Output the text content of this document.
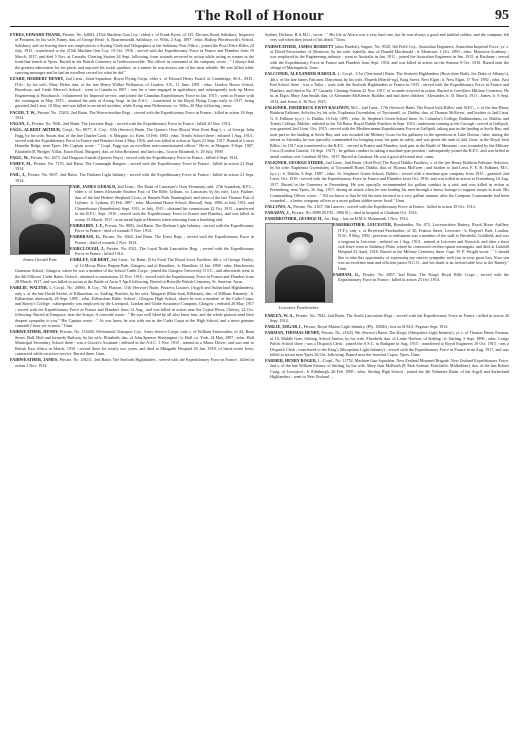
The Roll of Honour	95

EYRES, EDWARD FRANK, Private, No. 64003, 215th Machine Gun Coy.; eldest s. of Frank Eyres, of 125, Devizes Road, Salisbury, Inspector of Postmen, by his wife, Fanny, dau. of George Read ; b. Bournemouth, Salisbury, co. Wilts, 2 Aug. 1897 ; educ. Bishop Wordsworth's School, Salisbury, and on leaving there was employed as a Sorting Clerk and Telegraphist at the Salisbury Post Office ; joined the Post Office Rifles 24 July, 1915 ; transferred to the 215th Machine Gun Coy. 19 Oct. 1916 ; served with the Expeditionary Force in France and Flanders from 19 March, 1917, and died 5 Nov. at Casualty Clearing Station 24 Sept. following, from wounds received in action while acting as runner in the front-line trench at Ypres. Buried in the British Cemetery at Godewaersvelde. The officer in command of the company wrote : " I always had the greatest admiration for his pluck, and enjoyed his social qualities, as a runner he was always one of the most reliable. He was killed while carrying messages and he had an excellent record for what he did."

EZARD, HERBERT HENRY, 2nd Lieut., 42nd Squadron, Royal Flying Corps, elder s. of Edward Henry Ezard, of Cambridge, M.A., M.D., D.Sc., by his wife, Mary Helen, dau. of the late Henry Walker Wilkinson, of London, S.E., 11 June, 1891 ; educ. Lindow House School, Broadway, and Cadet Mercer's School ; went to Canada in 1907 ; was for a time engaged in agriculture, and subsequently took up Motor Engineering at Woodstock ; volunteered for Imperial service, and joined the Canadian Expeditionary Force in Jan. 1915 ; went to France with the contingent in May, 1915 ; attained the rank of Acting Sergt. in the A.S.C. ; transferred to the Royal Flying Corps early in 1917, being gazetted 2nd Lieut. 10 May, and was killed in an aerial accident, while flying near Netheravon, co. Wilts, 30 May following ; unm.

FACER, T. W., Private, No. 15203, 2nd Battn. The Worcestershire Regt. ; served with the Expeditionary Force in France ; killed in action 18 Sept. 1914.

FAGAN, J., Private, No. 9041, 2nd Battn. The Leicester Regt. ; served with the Expeditionary Force in France ; killed 20 Nov. 1914.

FAGG, ALBERT ARTHUR, Corpl., No. 8077, A. Coy., 10th (Service) Battn. The Queen's Own (Royal West Kent Regt.), s. of George John Fagg, by his wife, Susan, dau. of the late Charles Cook ; b. Margate, co. Kent, 15 Feb. 1884 ; educ. Trinity School there ; enlisted 1 Aug. 1914 ; served with the Expeditionary Force in France and Flanders from 4 May, 1916, and was killed in action at Ypres 21 Sept. 1917. Buried at Lower Hamelin Ridge, near Ypres. His Captain wrote : " Corpl. Fagg was an excellent non-commissioned officer." He m. at Margate, 8 Sept. 1907, Elizabeth (8, Bridges' Villas, Eaton Road, Margate), dau. of John Rowland, and had a dau., Gracie Elizabeth, b. 29 July, 1909.

FAGG, W., Private, No. 4473, 2nd Dragoon Guards (Queen's Bays) ; served with the Expeditionary Force in France ; killed 4 Sept. 1914.

FAHEY, M., Private, No. 7155, 2nd Battn. The Connaught Rangers ; served with the Expeditionary Force in France ; killed in action 21 Sept. 1914.

FAIL, J., Private, No. 9697, 2nd Battn. The Durham Light Infantry ; served with the Expeditionary Force in France ; killed in action 21 Sept. 1914.

James Gerald Fair.

FAIR, JAMES GERALD, 2nd Lieut., The Duke of Lancaster's Own Yeomanry, attd. 27th Squadron, R.F.C., elder s. of James Alexander Stratton Fair, of The Rifle, Lytham, co. Lancaster, by his wife, Lucy Pauline, dau. of the late Herbert Shepherd Cross, of Hamels Park, Buntingford, and niece of the late Thomas Fair of Lytham ; b. Lytham, 25 Feb. 1897 ; educ. Moorland House School, Heswall, Sept. 1906, to July, 1911, and Charterhouse (Saunderites) Sept. 1911, to July, 1915 ; obtained his commission 22 Oct. 1915 ; transferred to the R.F.C. Sept. 1916 ; served with the Expeditionary Force in France and Flanders, and was killed in action 15 March, 1917, in an aerial fight at Hermies when returning from a bombing raid.

FAIRBAIRN, J. F., Private, No. 8083, 2nd Battn. The Durham Light Infantry ; served with the Expeditionary Force in France ; died of wounds 9 Nov. 1914.

FAIRBRASS, G., Private, No. 8042, 2nd Battn. The Essex Regt. ; served with the Expeditionary Force in France ; died of wounds 2 Nov. 1914.

FAIRCLOUGH, J., Private, No. 8321, The Loyal North Lancashire Regt. ; served with the Expeditionary Force in France ; killed 1914.

FAIRLEY, GILBERT, 2nd Lieut., 1st Battn. (51st Foot) The Royal Scots Fusiliers, 4th s. of George Fairley, of 14 Moray Place, Regent Park, Glasgow, and of Hamilton ; b. Hamilton, 21 Jan. 1896 ; educ. Hutcheson's Grammar School, Glasgow, where he was a member of the School Cadet Corps ; joined the Glasgow University O.T.C., and afterwards went to the 4th Officers' Cadet Battn. Oxford ; obtained a commission 22 Nov. 1916 ; served with the Expeditionary Force in France and Flanders from 28 March, 1917, and was killed in action at the Battle of Arras 9 April following. Buried in Ronville British Cemetery, St. Sauveur, Arras.

FAIRLIE, WALTER, L.-Corpl., No. 20865, B Coy., 7th Platoon, 11th (Service) Battn. Princess Louise's (Argyll and Sutherland Highlanders), only s. of the late David Fairlie, of Kilbarchan, co. Stirling, Butcher, by his wife, Margaret (Blair-loan, Kilbirnie), dau. of William Kennedy ; b. Kilbarchan afterwards, 26 Sept. 1895 ; educ. Kilbarchan Public School ; Glasgow High School, where he was a member of the Cadet Corps, and Skerry's College ; subsequently was employed by the Liverpool, London and Globe Assurance Company, Glasgow ; enlisted 26 May, 1917 ; served with the Expeditionary Force in France and Flanders from 12 Aug., and was killed in action near the Cojeul River, Chérisy, 22 Oct. following. Buried at Fampoux, near the Scarpe. A comrade wrote : " He was well liked by all who knew him, and the whole platoon send their deepest sympathy to you." His Captain wrote : " As you know he was with me in the Cadet Corps at the High School, and a more genuine comrade I have yet to meet." Unm.

FAIRWEATHER, HENRY, Private, No. 155400, Mechanical Transport Coy., Army Service Corps, only s. of William Fairweather, of 44, Bean Street, Hull, Hull and formerly Railway, by his wife, Elizabeth, dau. of John Spencer Washington ; b. Hull, co. York, 24 May, 1897 ; educ. Hull Municipal Secondary School there ; was a Grocer's Assistant ; enlisted in the A.S.C. 1 Nov. 1915 ; trained as a Motor Driver, and was sent to British East Africa in March, 1916 ; served there for nearly two years, and died at Mbagathi Hospital 26 Jan. 1918, of black-water fever, contracted while on active service. Buried there. Unm.

FAIRWEATHER, JAMES, Private, No. 4/8211, 2nd Battn. The Seaforth Highlanders ; served with the Expeditionary Force in France ; killed in action 1 Nov. 1914.

Sydney Dickson, R.A.M.C., wrote : " His life in Africa was a very hard one, but he was always a good and faithful soldier, and the company felt very sad when they heard of his death." Unm.

FAIRWEATHER, JAMES BURDETT (alias Burdett), Sapper, No. 9520, 6th Field Coy., Australian Engineers, Australian Imperial Force, yr. s. of David Fairweather, of Montrose, by his wife, Isabella, dau. of Donald Macdonald ; b. Montrose, 1 Oct. 1893 ; educ. Montrose Academy ; was employed in the Engineering industry ; went to Australia in Jan. 1911 ; joined the Australian Engineers in Jan. 1915, at Brisbane ; served with the Expeditionary Force in France and Flanders from Sept. 1916, and was killed in action on the Somme 9 Oct. 1916. Buried near the village of Martinpuich. Unm.

FALCONER, ALEXANDER HAROLD, L.-Corpl., 1/1st (Territorial) Battn. The Seaforth Highlanders (Ross-shire Buffs, the Duke of Albany's), 4th s. of the late James Falconer, Dairyman, by his wife, Elspeth (Sheriff-rig), King Street, New Elgin ; b. New Elgin, 17 Nov. 1892 ; educ. East End School there ; was a Tailor ; went with the Seaforth Highlanders to France in 1915 ; served with the Expeditionary Force in France and Flanders, and died at No. 87 Casualty Clearing Station 22 Nov. 1917, of wounds received in action. Buried at Grevillers Military Cemetery. He m. at Elgin, Mary Ann Smith, dau. of Alexander McKenzie, Builder, and had three children : Alexander, b. 31 March, 1911 ; James, b. 8 Sept. 1914, and Jessie, b. 30 Nov. 1915.

FALKINER, FREDERICK EWEN BALDWIN, M.C., 2nd Lieut., 17th (Service) Battn. The Royal Irish Rifles, attd. R.F.C., s. of the late Henry Baldwin Falkiner, Solicitor, by his wife, Euphemia Gwendolen, of Tyrconnell, co. Dublin, dau. of Thomas McEwen ; and brother to 2nd Lieut. G. S. Falkiner (q.v.) ; b. Dublin, 16 July, 1895 ; educ. St. Stephen's Green School there, St. Columba's College, Rathfarnham, co. Dublin, and Trinity College, Dublin ; enlisted in the 7th Battn. Royal Dublin Fusiliers in Sept. 1914 ; underwent training at the Curragh ; served at Gallipoli, was gazetted 2nd Lieut. Oct. 1915 ; served with the Mediterranean Expeditionary Force at Gallipoli, taking part in the landing at Suvla Bay, and took part in the landing at Suvla Bay, and was awarded the Military Cross for his gallantry in the operations at Lake Doiran ; later, during the retreat to Salonika, he was specially commended for bringing away his guns in safety, and was given the rank of 2nd Lieut. in the Royal Irish Rifles ; in 1917 was transferred to the R.F.C. ; served in France and Flanders, took part in the Battle of Messines ; was wounded by the Military Cross (London Gazette, 16 Sept. 1917) ; he gallant conduct in taking a machine-gun position ; subsequently joined the R.F.C. and was killed in aerial combat over Cambrai 28 Dec. 1917. Buried at Cambrai. He was a good all-round shot ; unm.

FALKINER, GEORGE STRIDE, 2nd Lieut., 2nd Battn. (Attd Post) The Royal Dublin Fusiliers, s. of the late Henry Baldwin Falkiner, Solicitor, by his wife, Euphemia Gwendolen, of Tyrconnell Road, Dublin, dau. of Thomas McEwen ; and brother to 2nd Lieut. F. E. B. Falkiner, M.C. (q.v.) ; b. Dublin, 6 Sept. 1897 ; educ. St. Stephen's Green School, Dublin ; served with a machine-gun company from 1915 ; gazetted 2nd Lieut. Oct. 1916 ; served with the Expeditionary Force in France and Flanders from Oct. 1916, and was killed in action at Frezenberg 16 Aug. 1917. Buried in the Cemetery at Frezenberg. He was specially recommended for gallant conduct in a raid, and was killed in action at Frezenberg, near Ypres, 16 Aug. 1917, during an attack when he was leading his men through a heavy barrage to support troops in front. His Commanding Officer wrote : " All we know is that he led his men forward in a very gallant manner, after his Company Commander had been wounded ... a better company officer or a more gallant soldier never lived." Unm.

FALLOWS, A., Private, No. 2167, 9th Lancers ; served with the Expeditionary Force in France ; killed in action 29 Oct. 1914.

FARADAY, J., Private, No. 6989 (R.F.R., 1906 B.) ; died in hospital at Chatham Oct. 1914.

FAREBROTHER, GEORGE H., Art. Eng. ; lost on H.M.S. Monmouth 1 Nov. 1914.

Leicester Farebrother.

FAREBROTHER, LEICESTER, Bombardier, No. 872, Leicestershire Battery, Royal Horse Artillery (T.F.), only s. of Reverend Farebrother, of 30, Francis Street, Leicester ; b. Regent's Park, London, N.W., 8 May, 1892 ; previous to enlistment was a member of the staff at Westfield, Coldfield, and was a sergeant in Leicester ; enlisted on 1 Aug. 1914 ; trained at Leicester and Norwich, and after a short sick leave went to Salisbury Plain, where he contracted cerebro-spinal meningitis, and died at Larkhill Hospital 23 April, 1916. Buried in the Military Cemetery there. Capt. W. F. Wright wrote : " I should like to take this opportunity of expressing my sincere sympathy with you in your great loss. Your son was an excellent man and efficient junior N.C.O., and his death is an irretrievable loss to the Battery." Unm.

FARHAM, G., Private, No. 6857, 2nd Battn. The King's Royal Rifle Corps ; served with the Expeditionary Force in France ; killed in action 23 Oct. 1914.

FARLEY, W. A., Private, No. 7842, 2nd Battn. The South Lancashire Regt. ; served with the Expeditionary Force in France ; killed in action 20 Sept. 1914.

FARLIE, EDGAR J., Private, Royal Marine Light Infantry, (Ply. 10286) ; lost on H.M.S. Pegasus Sept. 1914.

FARMAN, THOMAS HENRY, Private, No. 21623, 9th (Service) Battn. The King's (Shropshire Light Infantry), yr. s. of Thomas Henry Farman, of 10, Middle Gate, Stirling, School Janitor, by his wife, Elizabeth, dau. of Leslie Neilson, of Stirling ; b. Stirling, 5 Sept. 1896 ; educ. Craigs Public School there ; was a Dispatch Clerk ; joined the A.S.C. in Bathgate in Aug. 1915 ; transferred to Royal Engineers 10 Oct. 1915 ; was a Dispatch Clerk ; transferred to the King's (Shropshire Light Infantry) ; served with the Expeditionary Force in France from Aug. 1917, and was killed in action near Ypres 26 Oct. following. Buried near the Ironclad Copse, Ypres. Unm.

FARMER, HENRY ROGER, L.-Corpl., No. 11752, Machine Gun Squadron, New Zealand Mounted Brigade, New Zealand Expeditionary Force, 2nd s. of the late William Farmer, of Stirling, by his wife, Mary Jane McBeath (8, Park Avenue, Portobello, Midlothian), dau. of the late Robert Craig, of Liverpool ; b. Edinburgh, 26 Feb. 1895 ; educ. Stirling High School ; joined the 4th Volunteer Battn. of the Argyll and Sutherland Highlanders ; went to New Zealand ...
